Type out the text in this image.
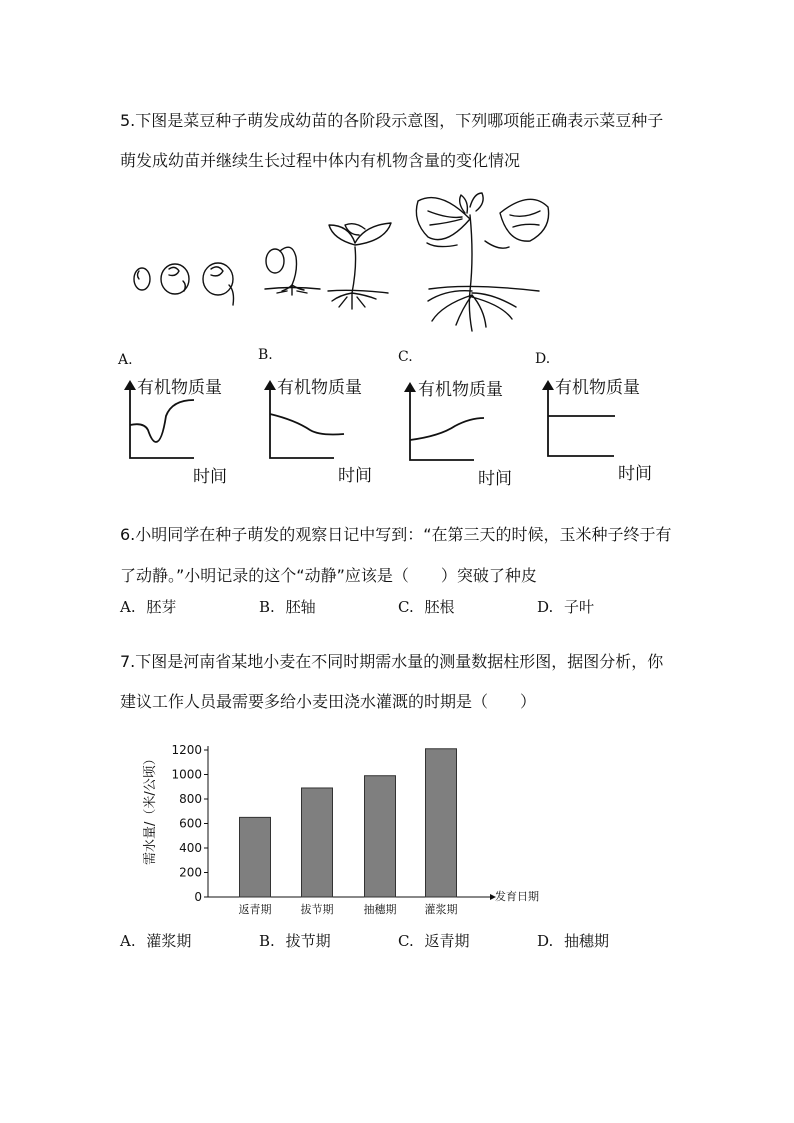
5.下图是菜豆种子萌发成幼苗的各阶段示意图，下列哪项能正确表示菜豆种子
萌发成幼苗并继续生长过程中体内有机物含量的变化情况
A.	B.	C.	D.
有机物质量	有机物质量	有机物质量	有机物质量
时间	时间	时间	时间
6.小明同学在种子萌发的观察日记中写到：“在第三天的时候，玉米种子终于有
了动静。”小明记录的这个“动静”应该是（　　）突破了种皮
A. 胚芽	B. 胚轴	C. 胚根	D. 子叶
7.下图是河南省某地小麦在不同时期需水量的测量数据柱形图，据图分析，你
建议工作人员最需要多给小麦田浇水灌溉的时期是（　　）
需水量/（米/公顷）
0
200
400
600
800
1000
1200
返青期	拔节期	抽穗期	灌浆期
发育日期
A. 灌浆期	B. 拔节期	C. 返青期	D. 抽穗期
